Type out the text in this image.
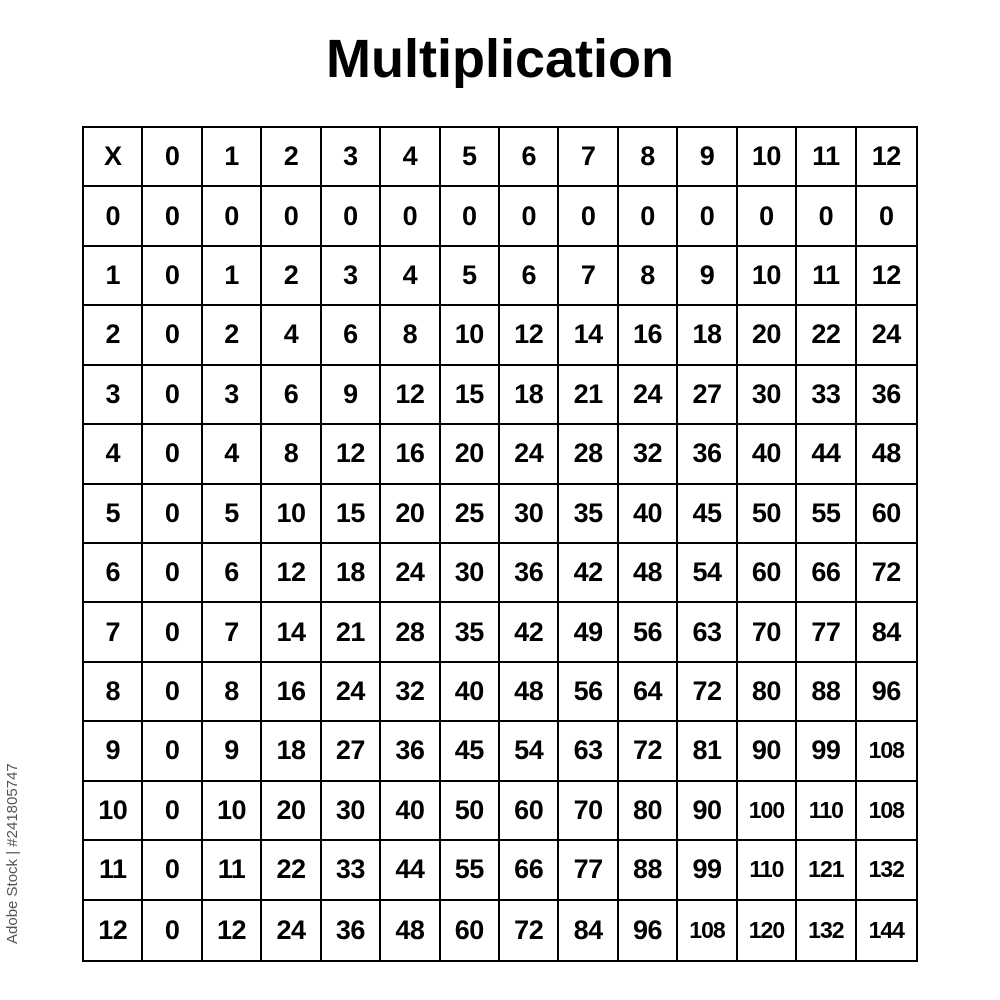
Multiplication
X	0	1	2	3	4	5	6	7	8	9	10	11	12
0	0	0	0	0	0	0	0	0	0	0	0	0	0
1	0	1	2	3	4	5	6	7	8	9	10	11	12
2	0	2	4	6	8	10	12	14	16	18	20	22	24
3	0	3	6	9	12	15	18	21	24	27	30	33	36
4	0	4	8	12	16	20	24	28	32	36	40	44	48
5	0	5	10	15	20	25	30	35	40	45	50	55	60
6	0	6	12	18	24	30	36	42	48	54	60	66	72
7	0	7	14	21	28	35	42	49	56	63	70	77	84
8	0	8	16	24	32	40	48	56	64	72	80	88	96
9	0	9	18	27	36	45	54	63	72	81	90	99	108
10	0	10	20	30	40	50	60	70	80	90	100	110	108
11	0	11	22	33	44	55	66	77	88	99	110	121	132
12	0	12	24	36	48	60	72	84	96	108	120	132	144
Adobe Stock | #241805747
